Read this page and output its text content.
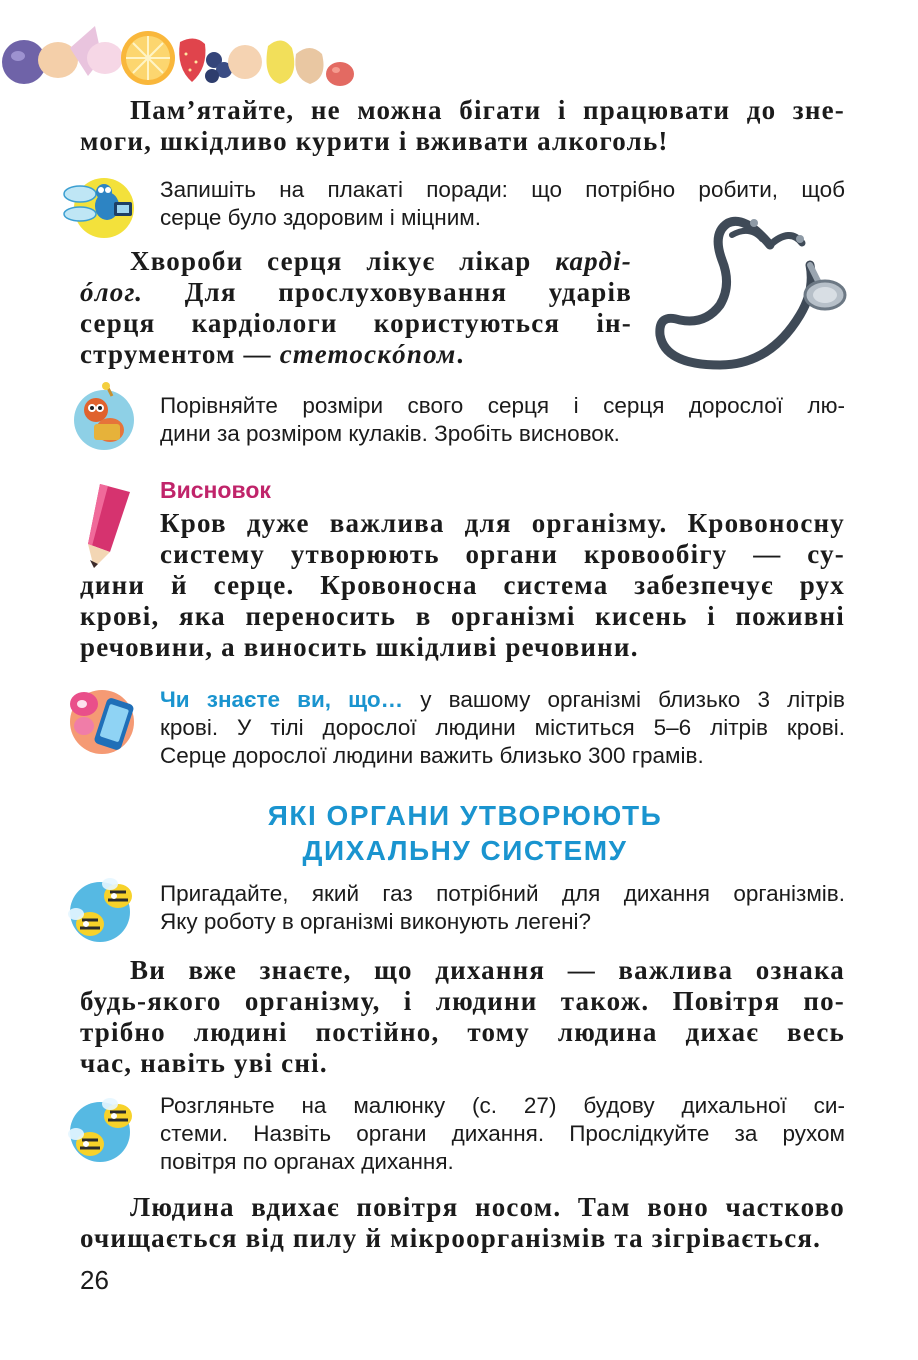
Пам’ятайте, не можна бігати і працювати до зне-
моги, шкідливо курити і вживати алкоголь!
Запишіть на плакаті поради: що потрібно робити, щоб
серце було здоровим і міцним.
Хвороби серця лікує лікар карді-
óлог. Для прослуховування ударів
серця кардіологи користуються ін-
струментом — стетоскóпом.
Порівняйте розміри свого серця і серця дорослої лю-
дини за розміром кулаків. Зробіть висновок.
Висновок
Кров дуже важлива для організму. Кровоносну
систему утворюють органи кровообігу — су-
дини й серце. Кровоносна система забезпечує рух
крові, яка переносить в організмі кисень і поживні
речовини, а виносить шкідливі речовини.
Чи знаєте ви, що… у вашому організмі близько 3 літрів
крові. У тілі дорослої людини міститься 5–6 літрів крові.
Серце дорослої людини важить близько 300 грамів.
ЯКІ ОРГАНИ УТВОРЮЮТЬ
ДИХАЛЬНУ СИСТЕМУ
Пригадайте, який газ потрібний для дихання організмів.
Яку роботу в організмі виконують легені?
Ви вже знаєте, що дихання — важлива ознака
будь-якого організму, і людини також. Повітря по-
трібно людині постійно, тому людина дихає весь
час, навіть уві сні.
Розгляньте на малюнку (с. 27) будову дихальної си-
стеми. Назвіть органи дихання. Прослідкуйте за рухом
повітря по органах дихання.
Людина вдихає повітря носом. Там воно частково
очищається від пилу й мікроорганізмів та зігрівається.
26
